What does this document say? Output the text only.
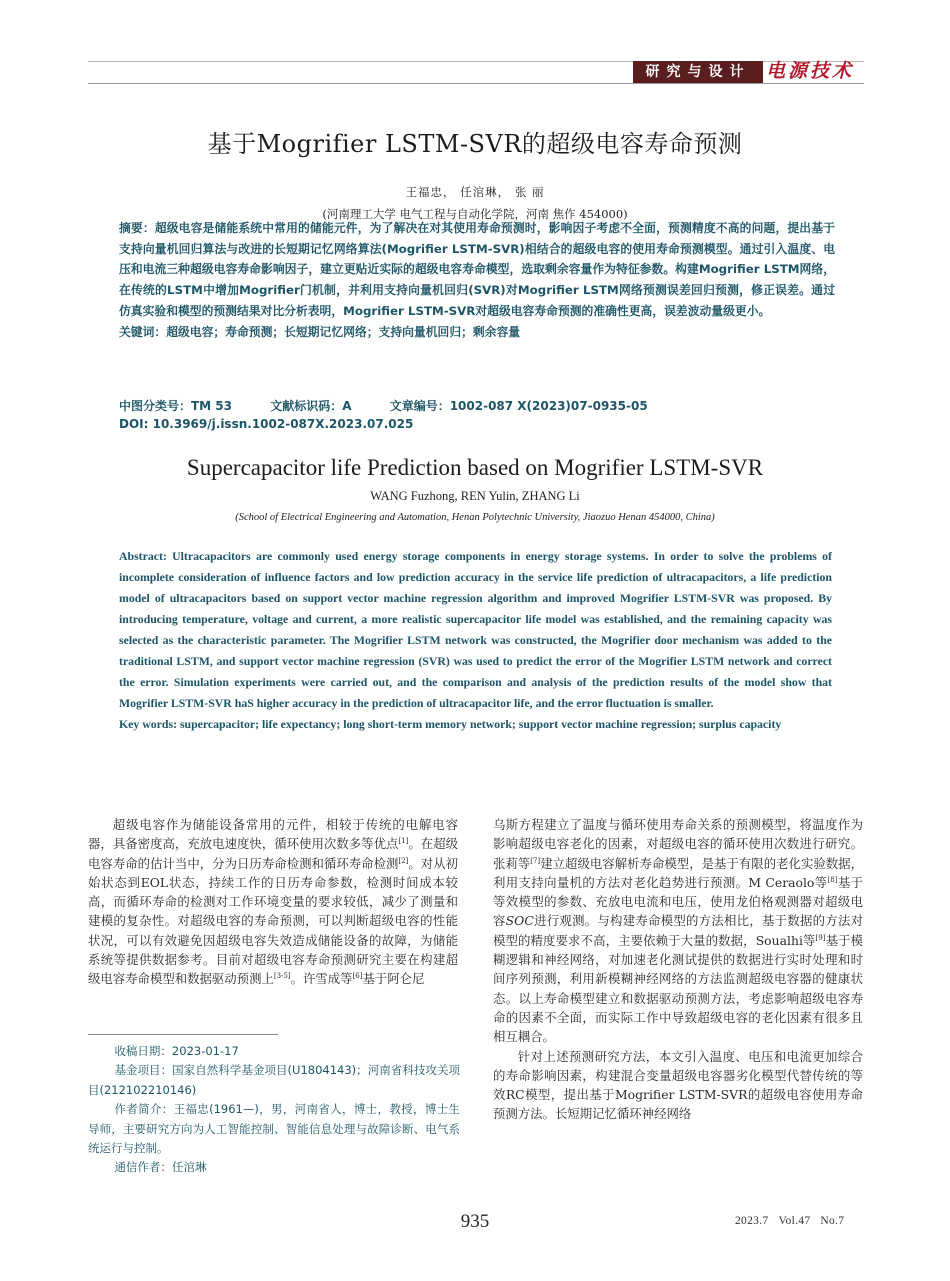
研究与设计 电源技术
基于Mogrifier LSTM-SVR的超级电容寿命预测
王福忠， 任涫琳， 张 丽
(河南理工大学 电气工程与自动化学院，河南 焦作 454000)

摘要：超级电容是储能系统中常用的储能元件，为了解决在对其使用寿命预测时，影响因子考虑不全面，预测精度不高的问题，提出基于支持向量机回归算法与改进的长短期记忆网络算法(Mogrifier LSTM-SVR)相结合的超级电容的使用寿命预测模型。通过引入温度、电压和电流三种超级电容寿命影响因子，建立更贴近实际的超级电容寿命模型，选取剩余容量作为特征参数。构建Mogrifier LSTM网络，在传统的LSTM中增加Mogrifier门机制，并利用支持向量机回归(SVR)对Mogrifier LSTM网络预测误差回归预测，修正误差。通过仿真实验和模型的预测结果对比分析表明，Mogrifier LSTM-SVR对超级电容寿命预测的准确性更高，误差波动量级更小。

关键词：超级电容；寿命预测；长短期记忆网络；支持向量机回归；剩余容量

中图分类号：TM 53	文献标识码：A	文章编号：1002-087 X(2023)07-0935-05
DOI: 10.3969/j.issn.1002-087X.2023.07.025
Supercapacitor life Prediction based on Mogrifier LSTM-SVR
WANG Fuzhong, REN Yulin, ZHANG Li
(School of Electrical Engineering and Automation, Henan Polytechnic University, Jiaozuo Henan 454000, China)

Abstract: Ultracapacitors are commonly used energy storage components in energy storage systems. In order to solve the problems of incomplete consideration of influence factors and low prediction accuracy in the service life prediction of ultracapacitors, a life prediction model of ultracapacitors based on support vector machine regression algorithm and improved Mogrifier LSTM-SVR was proposed. By introducing temperature, voltage and current, a more realistic supercapacitor life model was established, and the remaining capacity was selected as the characteristic parameter. The Mogrifier LSTM network was constructed, the Mogrifier door mechanism was added to the traditional LSTM, and support vector machine regression (SVR) was used to predict the error of the Mogrifier LSTM network and correct the error. Simulation experiments were carried out, and the comparison and analysis of the prediction results of the model show that Mogrifier LSTM-SVR haS higher accuracy in the prediction of ultracapacitor life, and the error fluctuation is smaller.

Key words: supercapacitor; life expectancy; long short-term memory network; support vector machine regression; surplus capacity

超级电容作为储能设备常用的元件，相较于传统的电解电容器，具备密度高，充放电速度快，循环使用次数多等优点[1]。在超级电容寿命的估计当中，分为日历寿命检测和循环寿命检测[2]。对从初始状态到EOL状态，持续工作的日历寿命参数，检测时间成本较高，而循环寿命的检测对工作环境变量的要求较低，减少了测量和建模的复杂性。对超级电容的寿命预测，可以判断超级电容的性能状况，可以有效避免因超级电容失效造成储能设备的故障，为储能系统等提供数据参考。目前对超级电容寿命预测研究主要在构建超级电容寿命模型和数据驱动预测上[3-5]。许雪成等[6]基于阿仑尼

收稿日期：2023-01-17

基金项目：国家自然科学基金项目(U1804143)；河南省科技攻关项目(212102210146)

作者简介：王福忠(1961—)，男，河南省人，博士，教授，博士生导师，主要研究方向为人工智能控制、智能信息处理与故障诊断、电气系统运行与控制。

通信作者：任涫琳

乌斯方程建立了温度与循环使用寿命关系的预测模型，将温度作为影响超级电容老化的因素，对超级电容的循环使用次数进行研究。张莉等[7]建立超级电容解析寿命模型，是基于有限的老化实验数据，利用支持向量机的方法对老化趋势进行预测。M Ceraolo等[8]基于等效模型的参数、充放电电流和电压，使用龙伯格观测器对超级电容SOC进行观测。与构建寿命模型的方法相比，基于数据的方法对模型的精度要求不高，主要依赖于大量的数据，Soualhi等[9]基于模糊逻辑和神经网络，对加速老化测试提供的数据进行实时处理和时间序列预测，利用新模糊神经网络的方法监测超级电容器的健康状态。以上寿命模型建立和数据驱动预测方法，考虑影响超级电容寿命的因素不全面，而实际工作中导致超级电容的老化因素有很多且相互耦合。

针对上述预测研究方法，本文引入温度、电压和电流更加综合的寿命影响因素，构建混合变量超级电容器劣化模型代替传统的等效RC模型，提出基于Mogrifier LSTM-SVR的超级电容使用寿命预测方法。长短期记忆循环神经网络

935	2023.7 Vol.47 No.7
